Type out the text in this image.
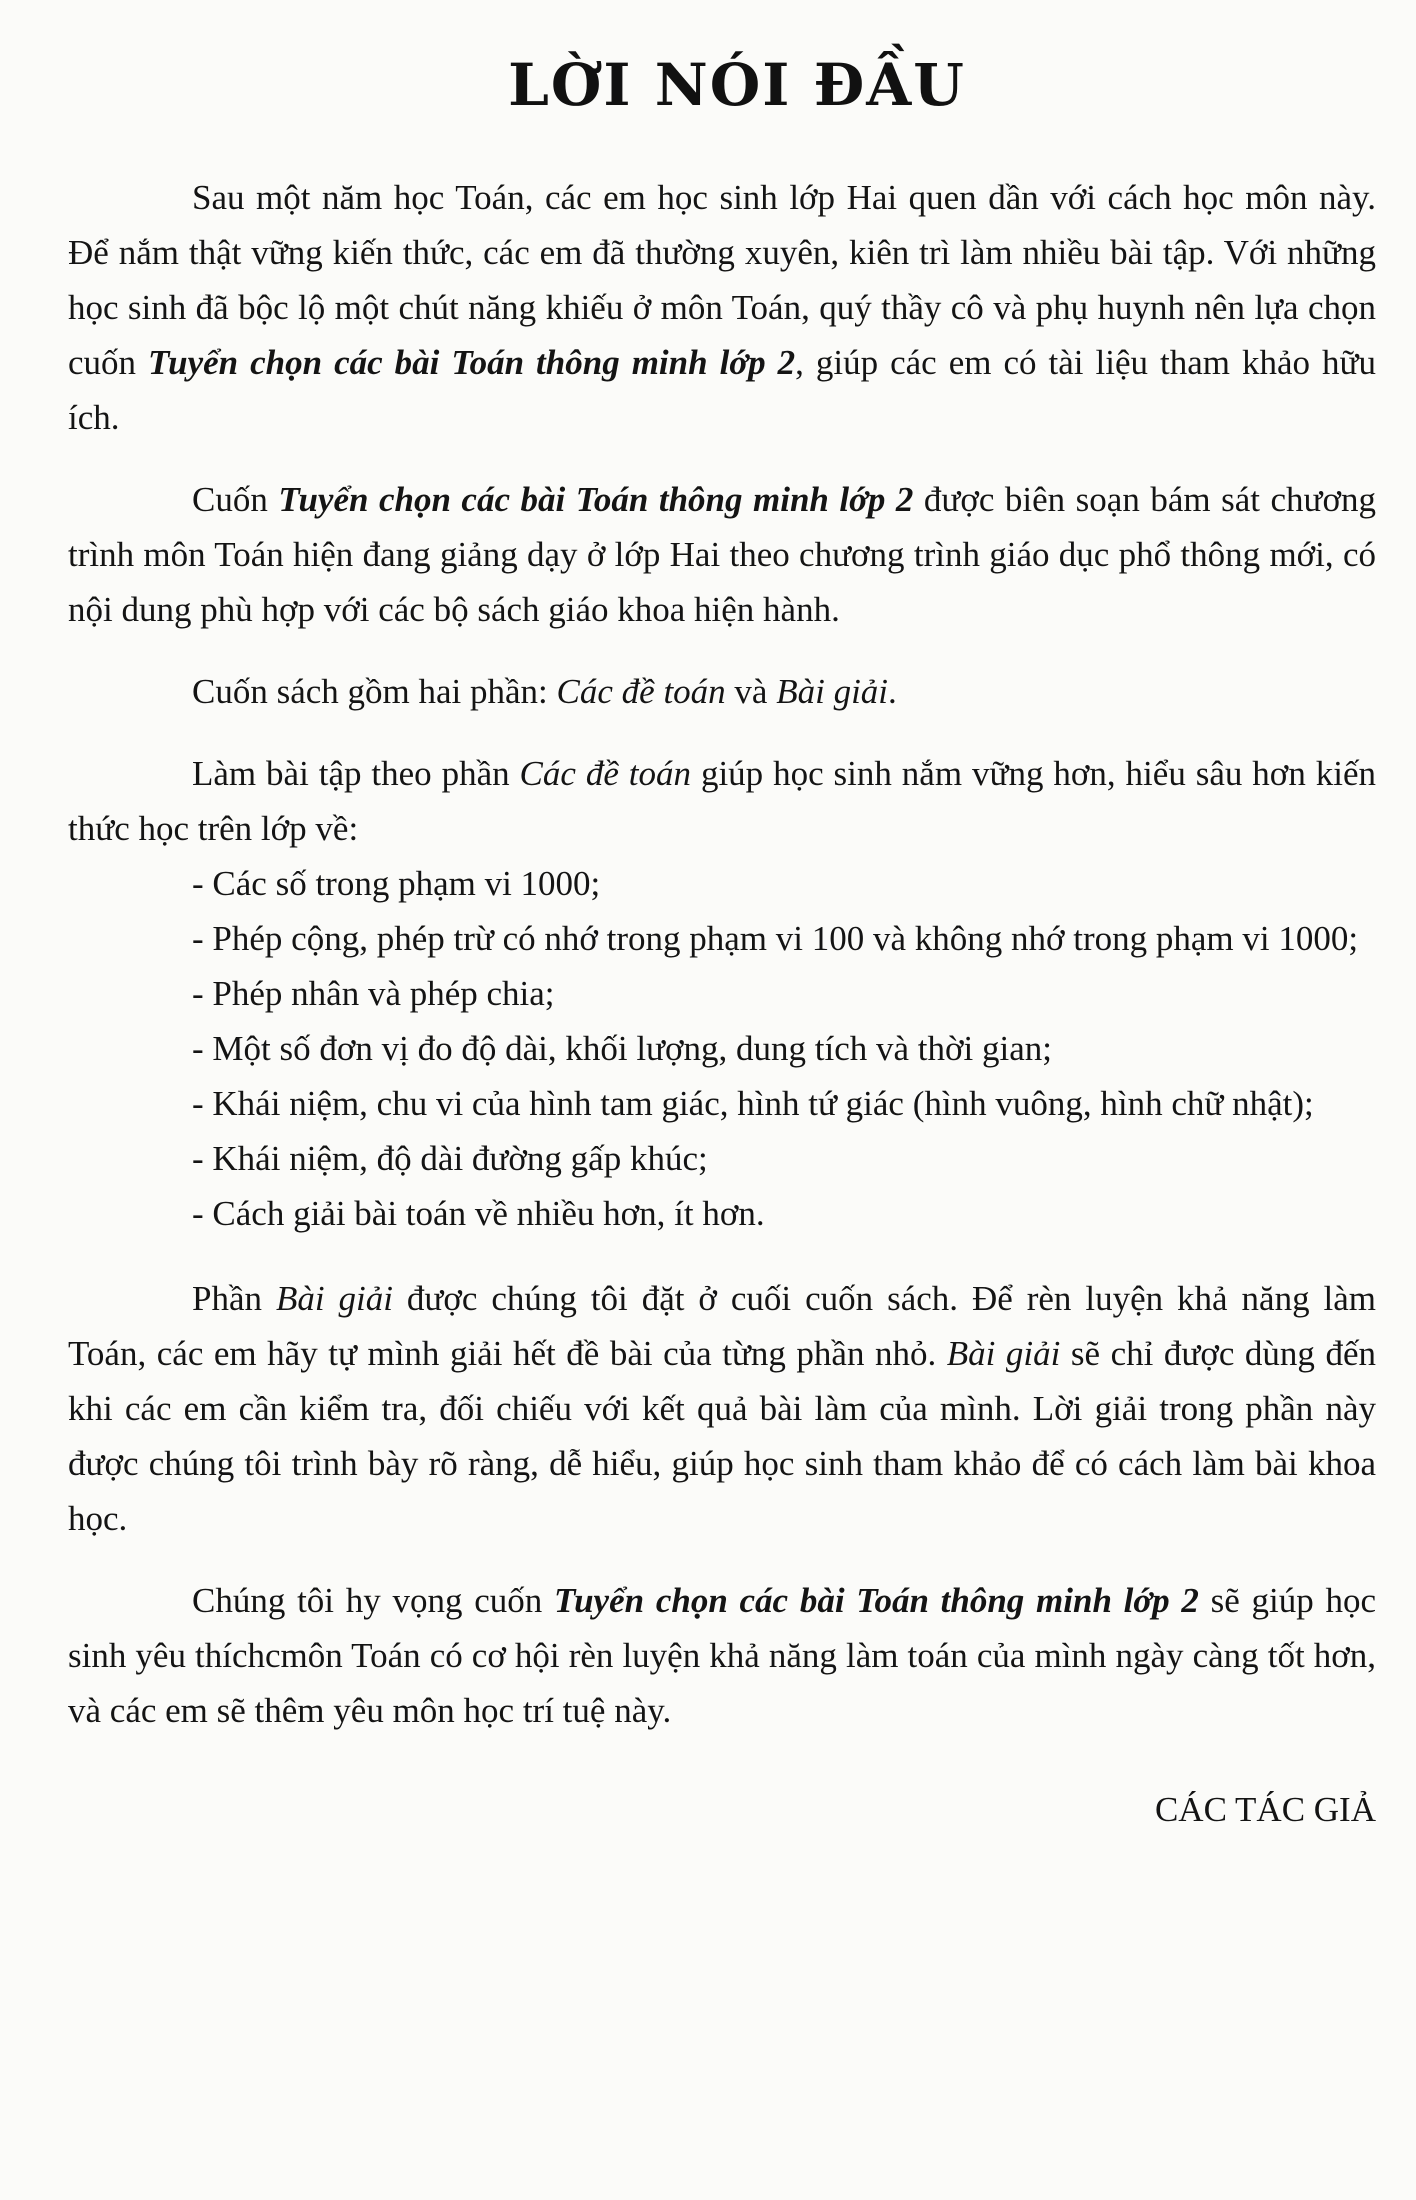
LỜI NÓI ĐẦU

Sau một năm học Toán, các em học sinh lớp Hai quen dần với cách học môn này. Để nắm thật vững kiến thức, các em đã thường xuyên, kiên trì làm nhiều bài tập. Với những học sinh đã bộc lộ một chút năng khiếu ở môn Toán, quý thầy cô và phụ huynh nên lựa chọn cuốn Tuyển chọn các bài Toán thông minh lớp 2, giúp các em có tài liệu tham khảo hữu ích.

Cuốn Tuyển chọn các bài Toán thông minh lớp 2 được biên soạn bám sát chương trình môn Toán hiện đang giảng dạy ở lớp Hai theo chương trình giáo dục phổ thông mới, có nội dung phù hợp với các bộ sách giáo khoa hiện hành.

Cuốn sách gồm hai phần: Các đề toán và Bài giải.

Làm bài tập theo phần Các đề toán giúp học sinh nắm vững hơn, hiểu sâu hơn kiến thức học trên lớp về:

- Các số trong phạm vi 1000;

- Phép cộng, phép trừ có nhớ trong phạm vi 100 và không nhớ trong phạm vi 1000;

- Phép nhân và phép chia;

- Một số đơn vị đo độ dài, khối lượng, dung tích và thời gian;

- Khái niệm, chu vi của hình tam giác, hình tứ giác (hình vuông, hình chữ nhật);

- Khái niệm, độ dài đường gấp khúc;

- Cách giải bài toán về nhiều hơn, ít hơn.

Phần Bài giải được chúng tôi đặt ở cuối cuốn sách. Để rèn luyện khả năng làm Toán, các em hãy tự mình giải hết đề bài của từng phần nhỏ. Bài giải sẽ chỉ được dùng đến khi các em cần kiểm tra, đối chiếu với kết quả bài làm của mình. Lời giải trong phần này được chúng tôi trình bày rõ ràng, dễ hiểu, giúp học sinh tham khảo để có cách làm bài khoa học.

Chúng tôi hy vọng cuốn Tuyển chọn các bài Toán thông minh lớp 2 sẽ giúp học sinh yêu thíchcmôn Toán có cơ hội rèn luyện khả năng làm toán của mình ngày càng tốt hơn, và các em sẽ thêm yêu môn học trí tuệ này.

CÁC TÁC GIẢ
